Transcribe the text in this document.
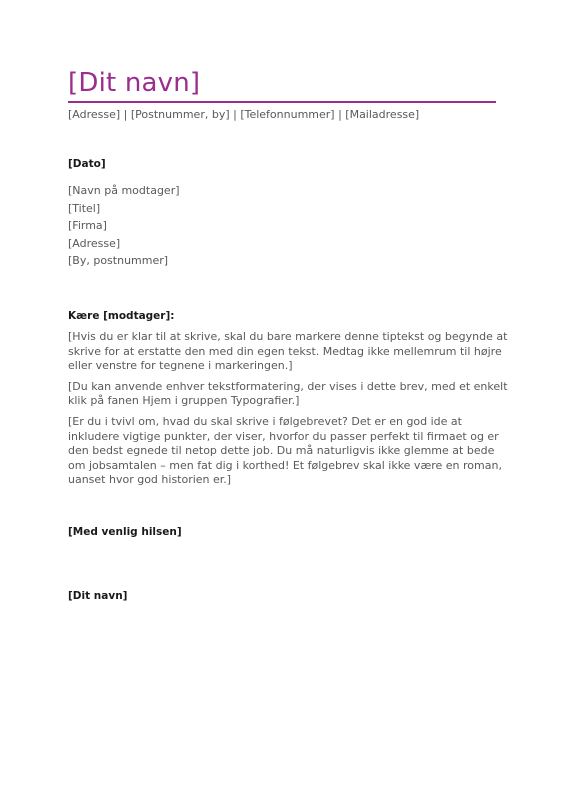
[Dit navn]
[Adresse] | [Postnummer, by] | [Telefonnummer] | [Mailadresse]
[Dato]
[Navn på modtager]
[Titel]
[Firma]
[Adresse]
[By, postnummer]
Kære [modtager]:

[Hvis du er klar til at skrive, skal du bare markere denne tiptekst og begynde at skrive for at erstatte den med din egen tekst. Medtag ikke mellemrum til højre eller venstre for tegnene i markeringen.]

[Du kan anvende enhver tekstformatering, der vises i dette brev, med et enkelt klik på fanen Hjem i gruppen Typografier.]

[Er du i tvivl om, hvad du skal skrive i følgebrevet? Det er en god ide at inkludere vigtige punkter, der viser, hvorfor du passer perfekt til firmaet og er den bedst egnede til netop dette job. Du må naturligvis ikke glemme at bede om jobsamtalen – men fat dig i korthed! Et følgebrev skal ikke være en roman, uanset hvor god historien er.]

[Med venlig hilsen]
[Dit navn]
